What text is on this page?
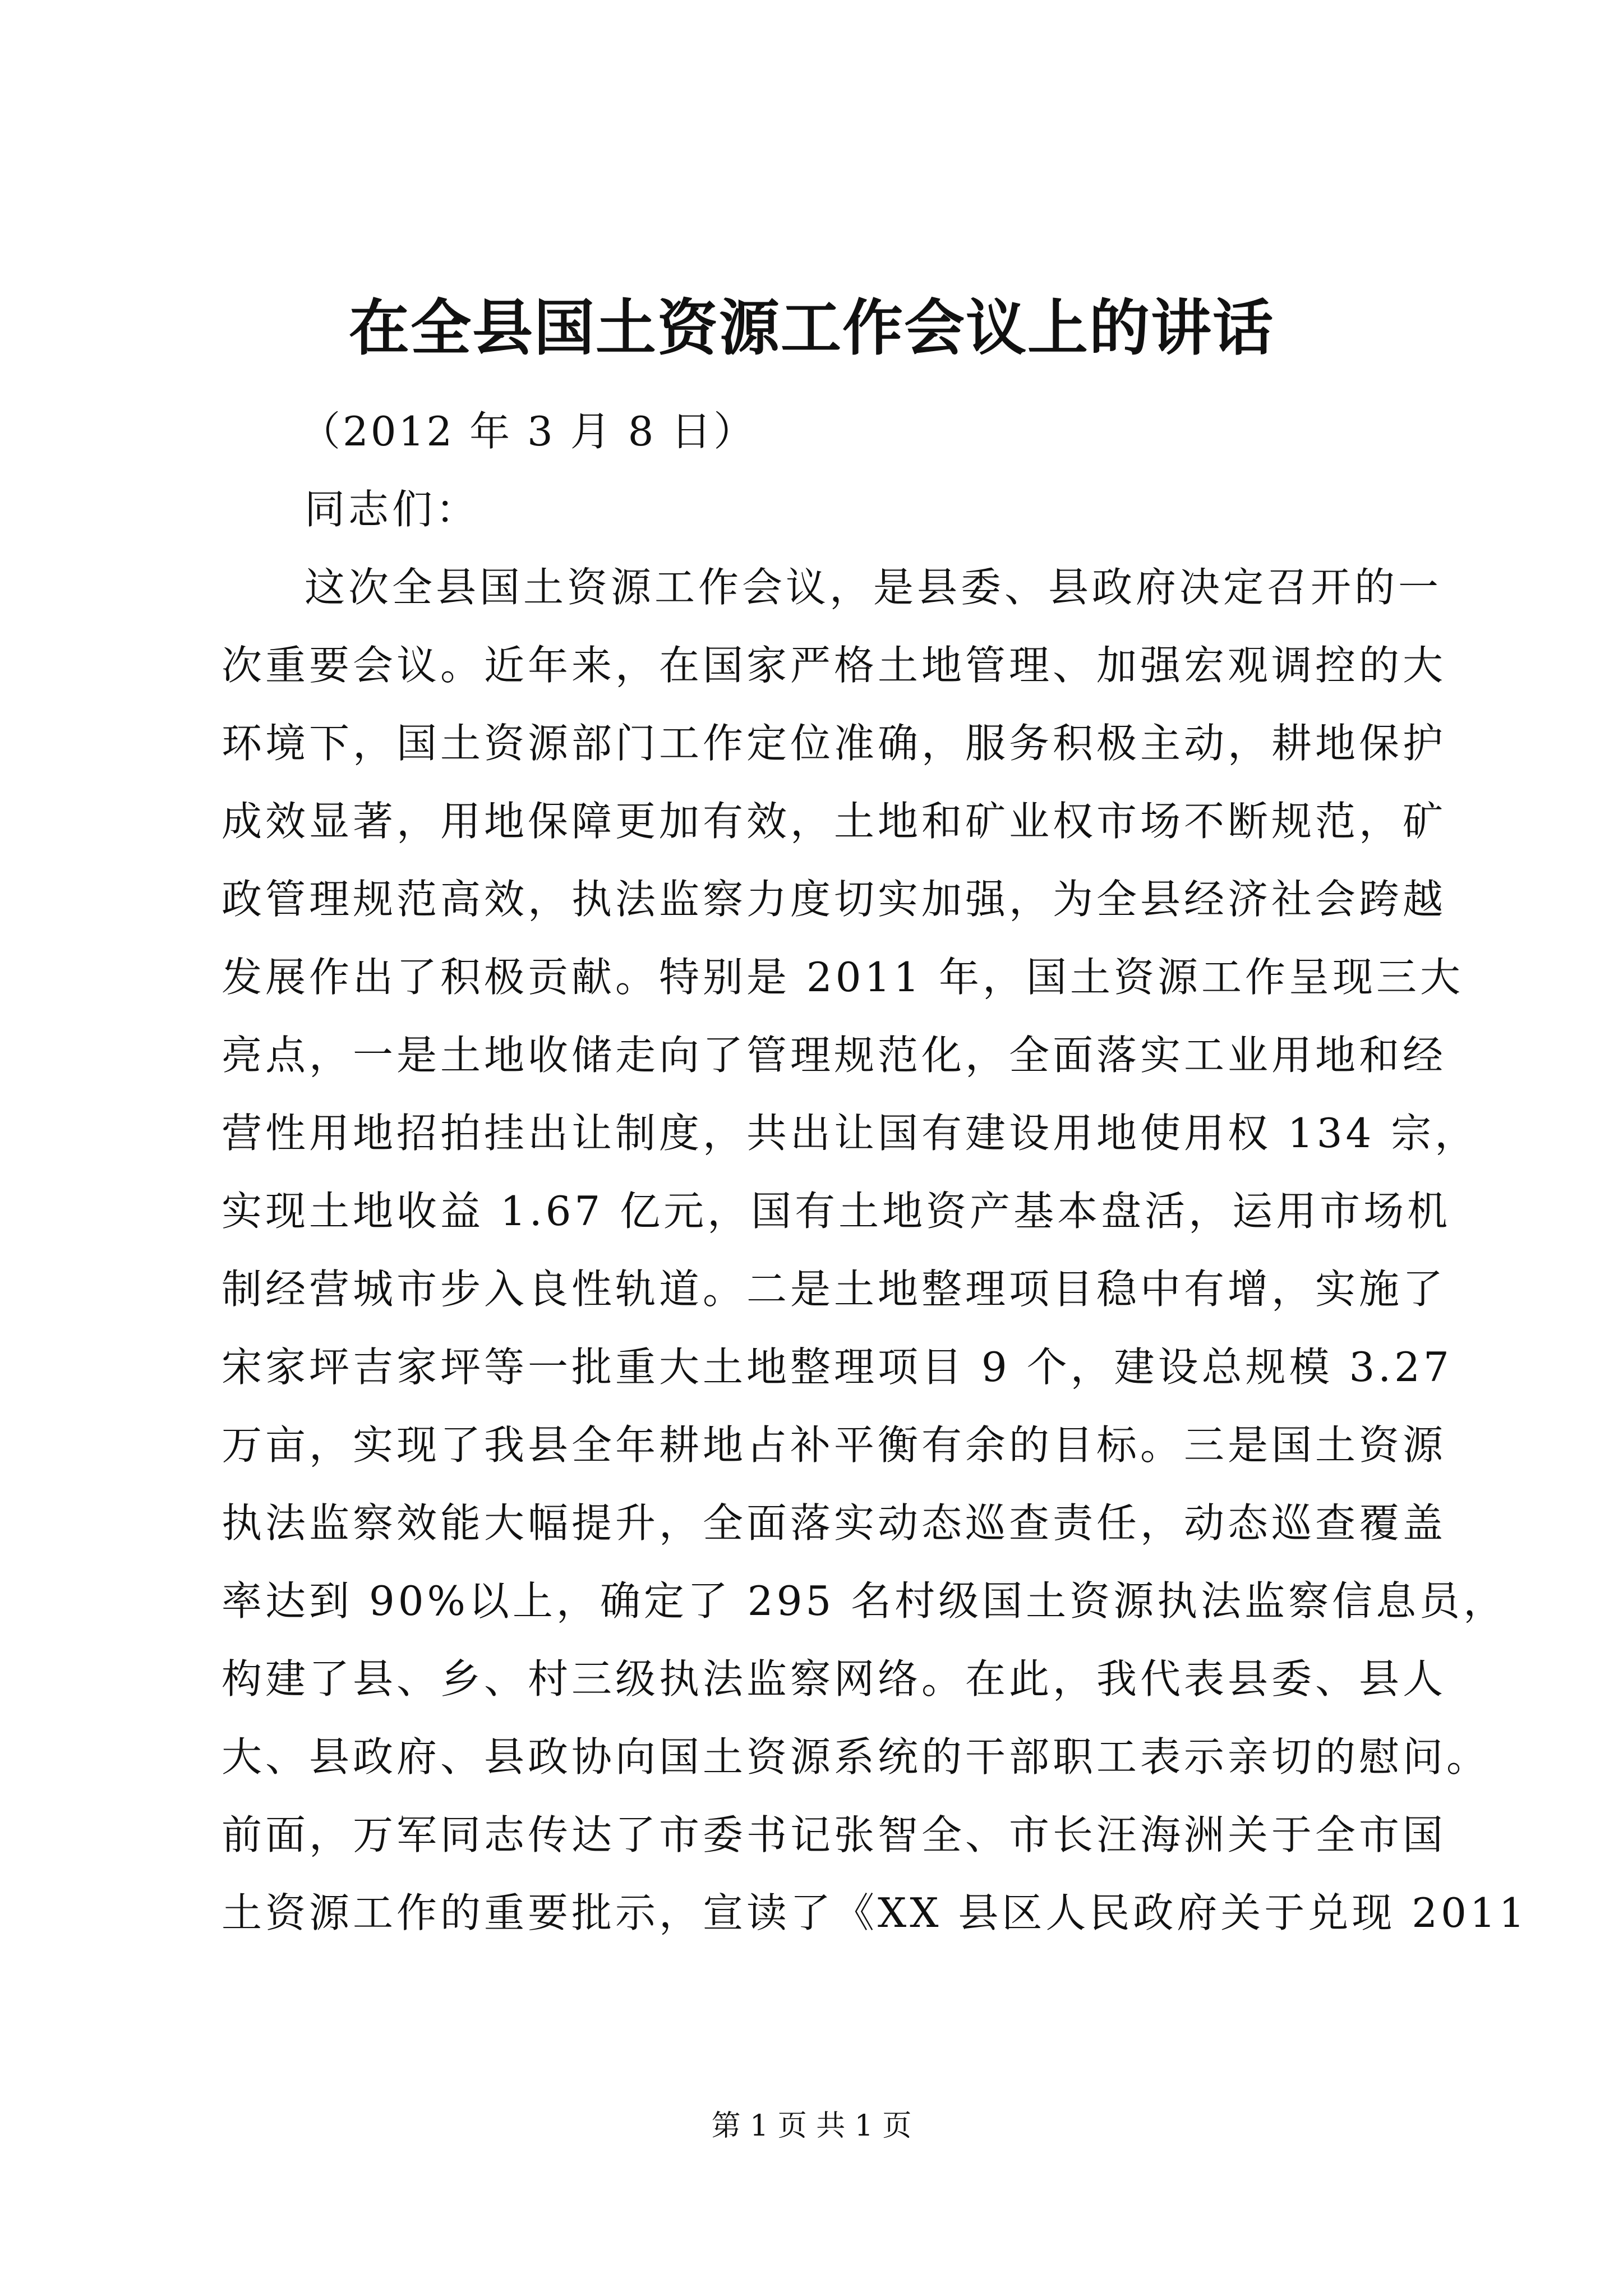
在全县国土资源工作会议上的讲话
（2012 年 3 月 8 日）
同志们：
这次全县国土资源工作会议，是县委、县政府决定召开的一
次重要会议。近年来，在国家严格土地管理、加强宏观调控的大
环境下，国土资源部门工作定位准确，服务积极主动，耕地保护
成效显著，用地保障更加有效，土地和矿业权市场不断规范，矿
政管理规范高效，执法监察力度切实加强，为全县经济社会跨越
发展作出了积极贡献。特别是 2011 年，国土资源工作呈现三大
亮点，一是土地收储走向了管理规范化，全面落实工业用地和经
营性用地招拍挂出让制度，共出让国有建设用地使用权 134 宗，
实现土地收益 1.67 亿元，国有土地资产基本盘活，运用市场机
制经营城市步入良性轨道。二是土地整理项目稳中有增，实施了
宋家坪吉家坪等一批重大土地整理项目 9 个，建设总规模 3.27
万亩，实现了我县全年耕地占补平衡有余的目标。三是国土资源
执法监察效能大幅提升，全面落实动态巡查责任，动态巡查覆盖
率达到 90%以上，确定了 295 名村级国土资源执法监察信息员，
构建了县、乡、村三级执法监察网络。在此，我代表县委、县人
大、县政府、县政协向国土资源系统的干部职工表示亲切的慰问。
前面，万军同志传达了市委书记张智全、市长汪海洲关于全市国
土资源工作的重要批示，宣读了《XX 县区人民政府关于兑现 2011
第 1 页 共 1 页
